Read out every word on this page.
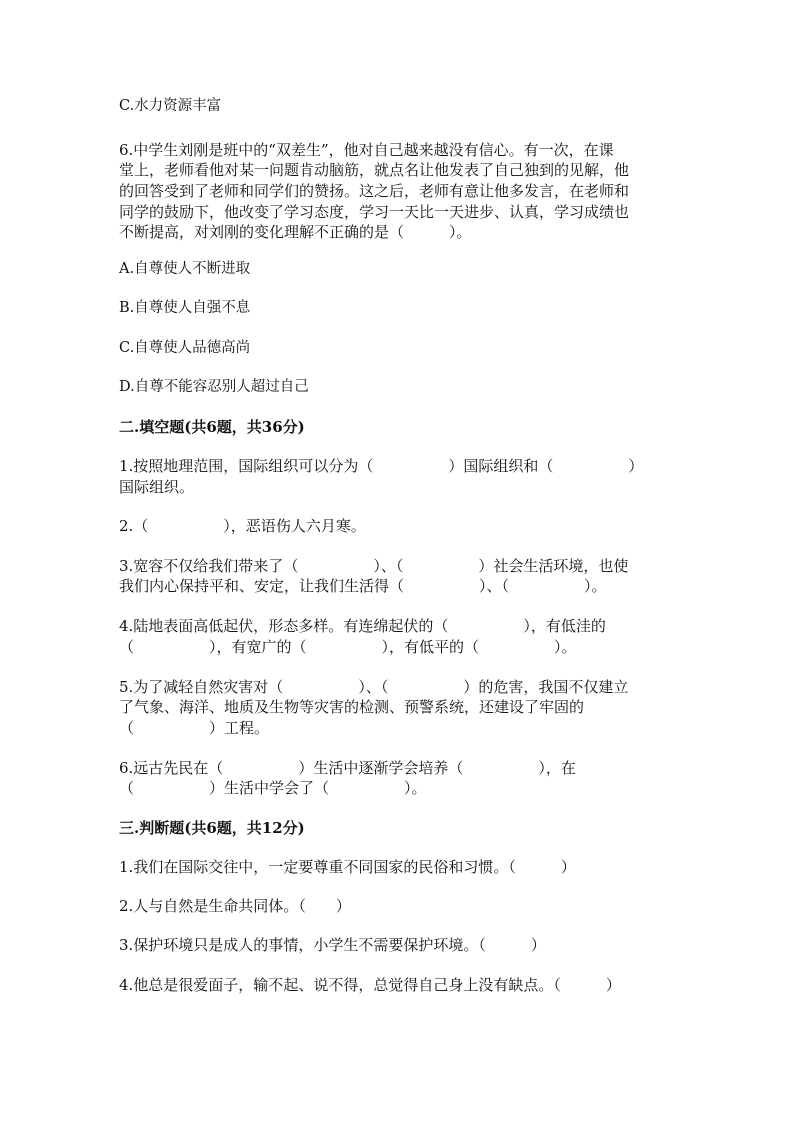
C.水力资源丰富

6.中学生刘刚是班中的“双差生”，他对自己越来越没有信心。有一次，在课

堂上，老师看他对某一问题肯动脑筋，就点名让他发表了自己独到的见解，他

的回答受到了老师和同学们的赞扬。这之后，老师有意让他多发言，在老师和

同学的鼓励下，他改变了学习态度，学习一天比一天进步、认真，学习成绩也

不断提高，对刘刚的变化理解不正确的是（　　　）。

A.自尊使人不断进取

B.自尊使人自强不息

C.自尊使人品德高尚

D.自尊不能容忍别人超过自己

二.填空题(共6题，共36分)

1.按照地理范围，国际组织可以分为（　　　　　）国际组织和（　　　　　）

国际组织。

2.（　　　　　），恶语伤人六月寒。

3.宽容不仅给我们带来了（　　　　　）、（　　　　　）社会生活环境，也使

我们内心保持平和、安定，让我们生活得（　　　　　）、（　　　　　）。

4.陆地表面高低起伏，形态多样。有连绵起伏的（　　　　　），有低洼的

（　　　　　），有宽广的（　　　　　），有低平的（　　　　　）。

5.为了减轻自然灾害对（　　　　　）、（　　　　　）的危害，我国不仅建立

了气象、海洋、地质及生物等灾害的检测、预警系统，还建设了牢固的

（　　　　　）工程。

6.远古先民在（　　　　　）生活中逐渐学会培养（　　　　　），在

（　　　　　）生活中学会了（　　　　　）。

三.判断题(共6题，共12分)

1.我们在国际交往中，一定要尊重不同国家的民俗和习惯。（　　　）

2.人与自然是生命共同体。（　　）

3.保护环境只是成人的事情，小学生不需要保护环境。（　　　）

4.他总是很爱面子，输不起、说不得，总觉得自己身上没有缺点。（　　　）
